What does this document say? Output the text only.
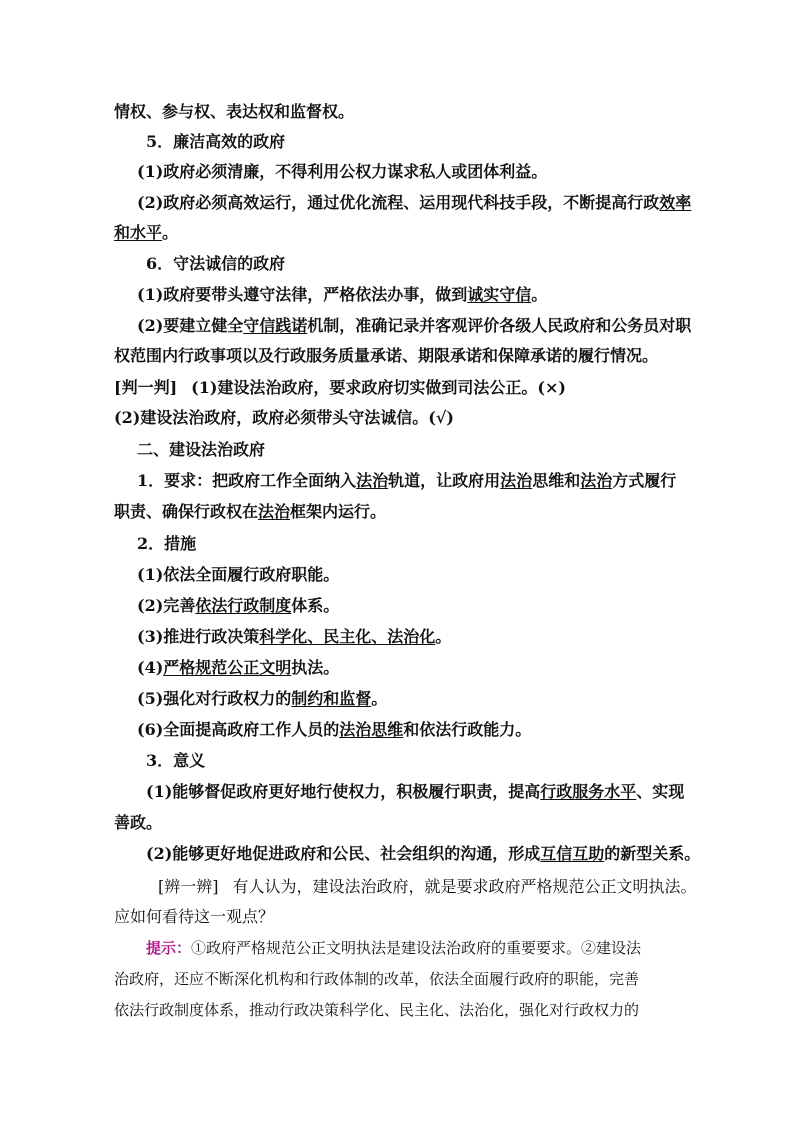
情权、参与权、表达权和监督权。
5．廉洁高效的政府
(1)政府必须清廉，不得利用公权力谋求私人或团体利益。
(2)政府必须高效运行，通过优化流程、运用现代科技手段，不断提高行政效率
和水平。
6．守法诚信的政府
(1)政府要带头遵守法律，严格依法办事，做到诚实守信。
(2)要建立健全守信践诺机制，准确记录并客观评价各级人民政府和公务员对职
权范围内行政事项以及行政服务质量承诺、期限承诺和保障承诺的履行情况。
[判一判] (1)建设法治政府，要求政府切实做到司法公正。(×)
(2)建设法治政府，政府必须带头守法诚信。(√)
二、建设法治政府
1．要求：把政府工作全面纳入法治轨道，让政府用法治思维和法治方式履行
职责、确保行政权在法治框架内运行。
2．措施
(1)依法全面履行政府职能。
(2)完善依法行政制度体系。
(3)推进行政决策科学化、民主化、法治化。
(4)严格规范公正文明执法。
(5)强化对行政权力的制约和监督。
(6)全面提高政府工作人员的法治思维和依法行政能力。
3．意义
(1)能够督促政府更好地行使权力，积极履行职责，提高行政服务水平、实现
善政。
(2)能够更好地促进政府和公民、社会组织的沟通，形成互信互助的新型关系。
[辨一辨] 有人认为，建设法治政府，就是要求政府严格规范公正文明执法。
应如何看待这一观点？
提示：①政府严格规范公正文明执法是建设法治政府的重要要求。②建设法
治政府，还应不断深化机构和行政体制的改革，依法全面履行政府的职能，完善
依法行政制度体系，推动行政决策科学化、民主化、法治化，强化对行政权力的
